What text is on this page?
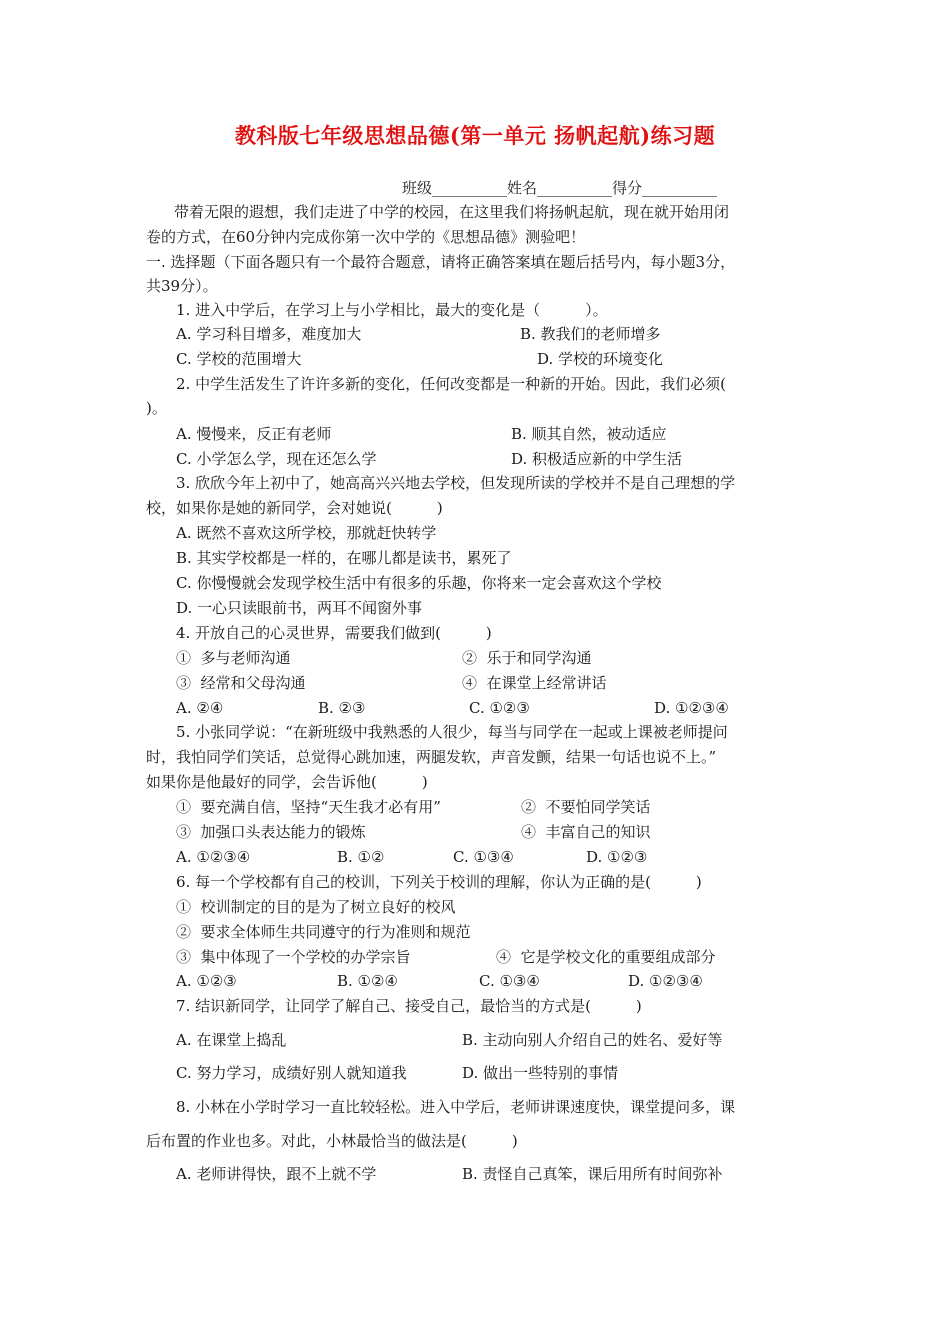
教科版七年级思想品德(第一单元 扬帆起航)练习题
班级__________姓名__________得分__________
带着无限的遐想，我们走进了中学的校园，在这里我们将扬帆起航，现在就开始用闭
卷的方式，在60分钟内完成你第一次中学的《思想品德》测验吧！
一. 选择题（下面各题只有一个最符合题意，请将正确答案填在题后括号内，每小题3分，
共39分）。
1. 进入中学后，在学习上与小学相比，最大的变化是（　　　）。
A. 学习科目增多，难度加大	B. 教我们的老师增多
C. 学校的范围增大	D. 学校的环境变化
2. 中学生活发生了许许多新的变化，任何改变都是一种新的开始。因此，我们必须(
)。
A. 慢慢来，反正有老师	B. 顺其自然，被动适应
C. 小学怎么学，现在还怎么学	D. 积极适应新的中学生活
3. 欣欣今年上初中了，她高高兴兴地去学校，但发现所读的学校并不是自己理想的学
校，如果你是她的新同学，会对她说(　　　)
A. 既然不喜欢这所学校，那就赶快转学
B. 其实学校都是一样的，在哪儿都是读书，累死了
C. 你慢慢就会发现学校生活中有很多的乐趣，你将来一定会喜欢这个学校
D. 一心只读眼前书，两耳不闻窗外事
4. 开放自己的心灵世界，需要我们做到(　　　)
①  多与老师沟通	②  乐于和同学沟通
③  经常和父母沟通	④  在课堂上经常讲话
A. ②④	B. ②③	C. ①②③	D. ①②③④
5. 小张同学说：“在新班级中我熟悉的人很少，每当与同学在一起或上课被老师提问
时，我怕同学们笑话，总觉得心跳加速，两腿发软，声音发颤，结果一句话也说不上。”
如果你是他最好的同学，会告诉他(　　　)
①  要充满自信，坚持“天生我才必有用”	②  不要怕同学笑话
③  加强口头表达能力的锻炼	④  丰富自己的知识
A. ①②③④	B. ①②	C. ①③④	D. ①②③
6. 每一个学校都有自己的校训，下列关于校训的理解，你认为正确的是(　　　)
①  校训制定的目的是为了树立良好的校风
②  要求全体师生共同遵守的行为准则和规范
③  集中体现了一个学校的办学宗旨	④  它是学校文化的重要组成部分
A. ①②③	B. ①②④	C. ①③④	D. ①②③④
7. 结识新同学，让同学了解自己、接受自己，最恰当的方式是(　　　)
A. 在课堂上捣乱	B. 主动向别人介绍自己的姓名、爱好等
C. 努力学习，成绩好别人就知道我	D. 做出一些特别的事情
8. 小林在小学时学习一直比较轻松。进入中学后，老师讲课速度快，课堂提问多，课
后布置的作业也多。对此，小林最恰当的做法是(　　　)
A. 老师讲得快，跟不上就不学	B. 责怪自己真笨，课后用所有时间弥补
